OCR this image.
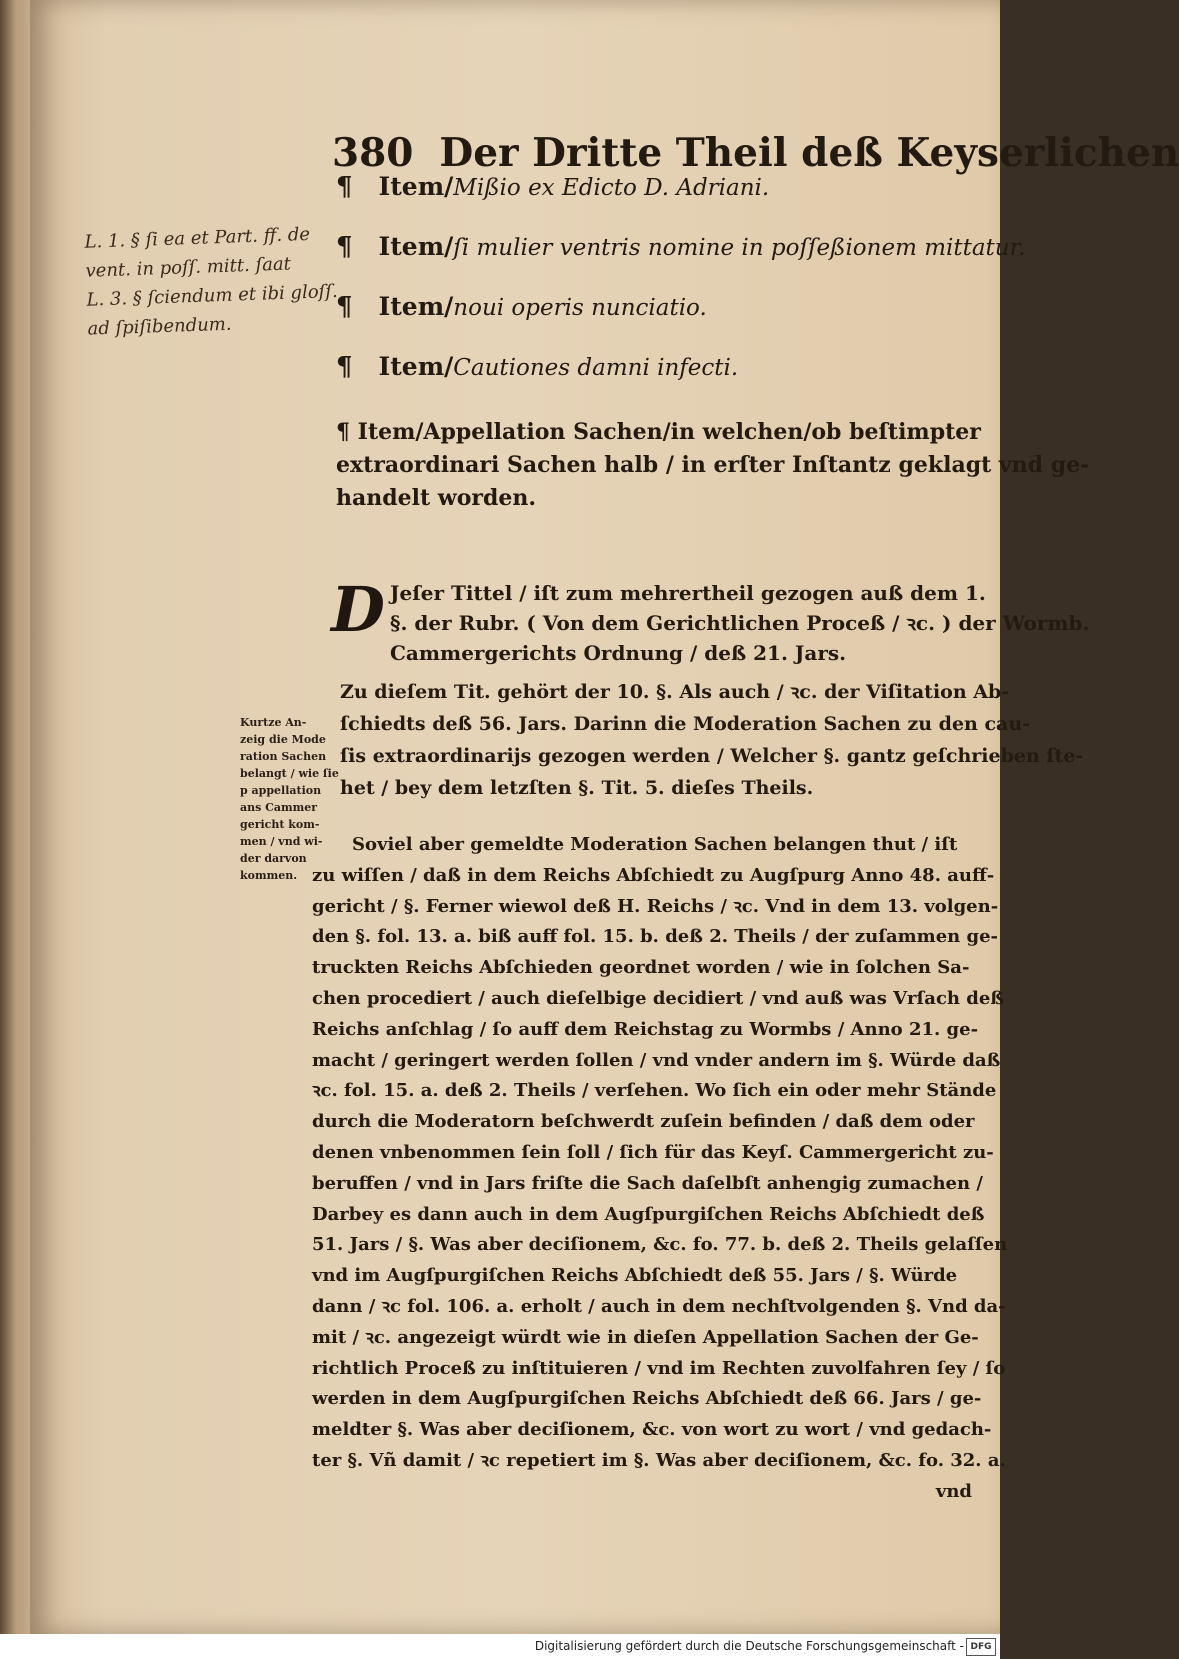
380 Der Dritte Theil deß Keyserlichen
¶ Item/Mißio ex Edicto D. Adriani.
¶ Item/ſi mulier ventris nomine in poſſeßionem mittatur.
¶ Item/noui operis nunciatio.
¶ Item/Cautiones damni infecti.
¶ Item/Appellation Sachen/in welchen/ob beſtimpter
extraordinari Sachen halb / in erſter Inſtantz geklagt vnd ge-
handelt worden.
L. 1. § ſi ea et Part. ff. de
vent. in poſſ. mitt. ſaat
L. 3. § ſciendum et ibi gloſſ.
ad ſpiſibendum.
D Jeſer Tittel / iſt zum mehrertheil gezogen auß dem 1.
§. der Rubr. ( Von dem Gerichtlichen Proceß / ꝛc. ) der Wormb.
Cammergerichts Ordnung / deß 21. Jars.
Zu dieſem Tit. gehört der 10. §. Als auch / ꝛc. der Viſitation Ab-
ſchiedts deß 56. Jars. Darinn die Moderation Sachen zu den cau-
ſis extraordinarijs gezogen werden / Welcher §. gantz geſchrieben ſte-
het / bey dem letzſten §. Tit. 5. dieſes Theils.
Kurtze An-
zeig die Mode
ration Sachen
belangt / wie ſie
p appellation
ans Cammer
gericht kom-
men / vnd wi-
der darvon
kommen.
Soviel aber gemeldte Moderation Sachen belangen thut / iſt
zu wiſſen / daß in dem Reichs Abſchiedt zu Augſpurg Anno 48. auff-
gericht / §. Ferner wiewol deß H. Reichs / ꝛc. Vnd in dem 13. volgen-
den §. fol. 13. a. biß auff fol. 15. b. deß 2. Theils / der zuſammen ge-
truckten Reichs Abſchieden geordnet worden / wie in ſolchen Sa-
chen procediert / auch dieſelbige decidiert / vnd auß was Vrſach deß
Reichs anſchlag / ſo auff dem Reichstag zu Wormbs / Anno 21. ge-
macht / geringert werden ſollen / vnd vnder andern im §. Würde daß
ꝛc. fol. 15. a. deß 2. Theils / verſehen. Wo ſich ein oder mehr Stände
durch die Moderatorn beſchwerdt zuſein befinden / daß dem oder
denen vnbenommen ſein ſoll / ſich für das Keyſ. Cammergericht zu-
beruffen / vnd in Jars friſte die Sach daſelbſt anhengig zumachen /
Darbey es dann auch in dem Augſpurgiſchen Reichs Abſchiedt deß
51. Jars / §. Was aber deciſionem, &c. fo. 77. b. deß 2. Theils gelaſſen
vnd im Augſpurgiſchen Reichs Abſchiedt deß 55. Jars / §. Würde
dann / ꝛc fol. 106. a. erholt / auch in dem nechſtvolgenden §. Vnd da-
mit / ꝛc. angezeigt würdt wie in dieſen Appellation Sachen der Ge-
richtlich Proceß zu inſtituieren / vnd im Rechten zuvolfahren ſey / ſo
werden in dem Augſpurgiſchen Reichs Abſchiedt deß 66. Jars / ge-
meldter §. Was aber deciſionem, &c. von wort zu wort / vnd gedach-
ter §. Vñ damit / ꝛc repetiert im §. Was aber deciſionem, &c. fo. 32. a.
vnd
Digitalisierung gefördert durch die Deutsche Forschungsgemeinschaft - DFG
